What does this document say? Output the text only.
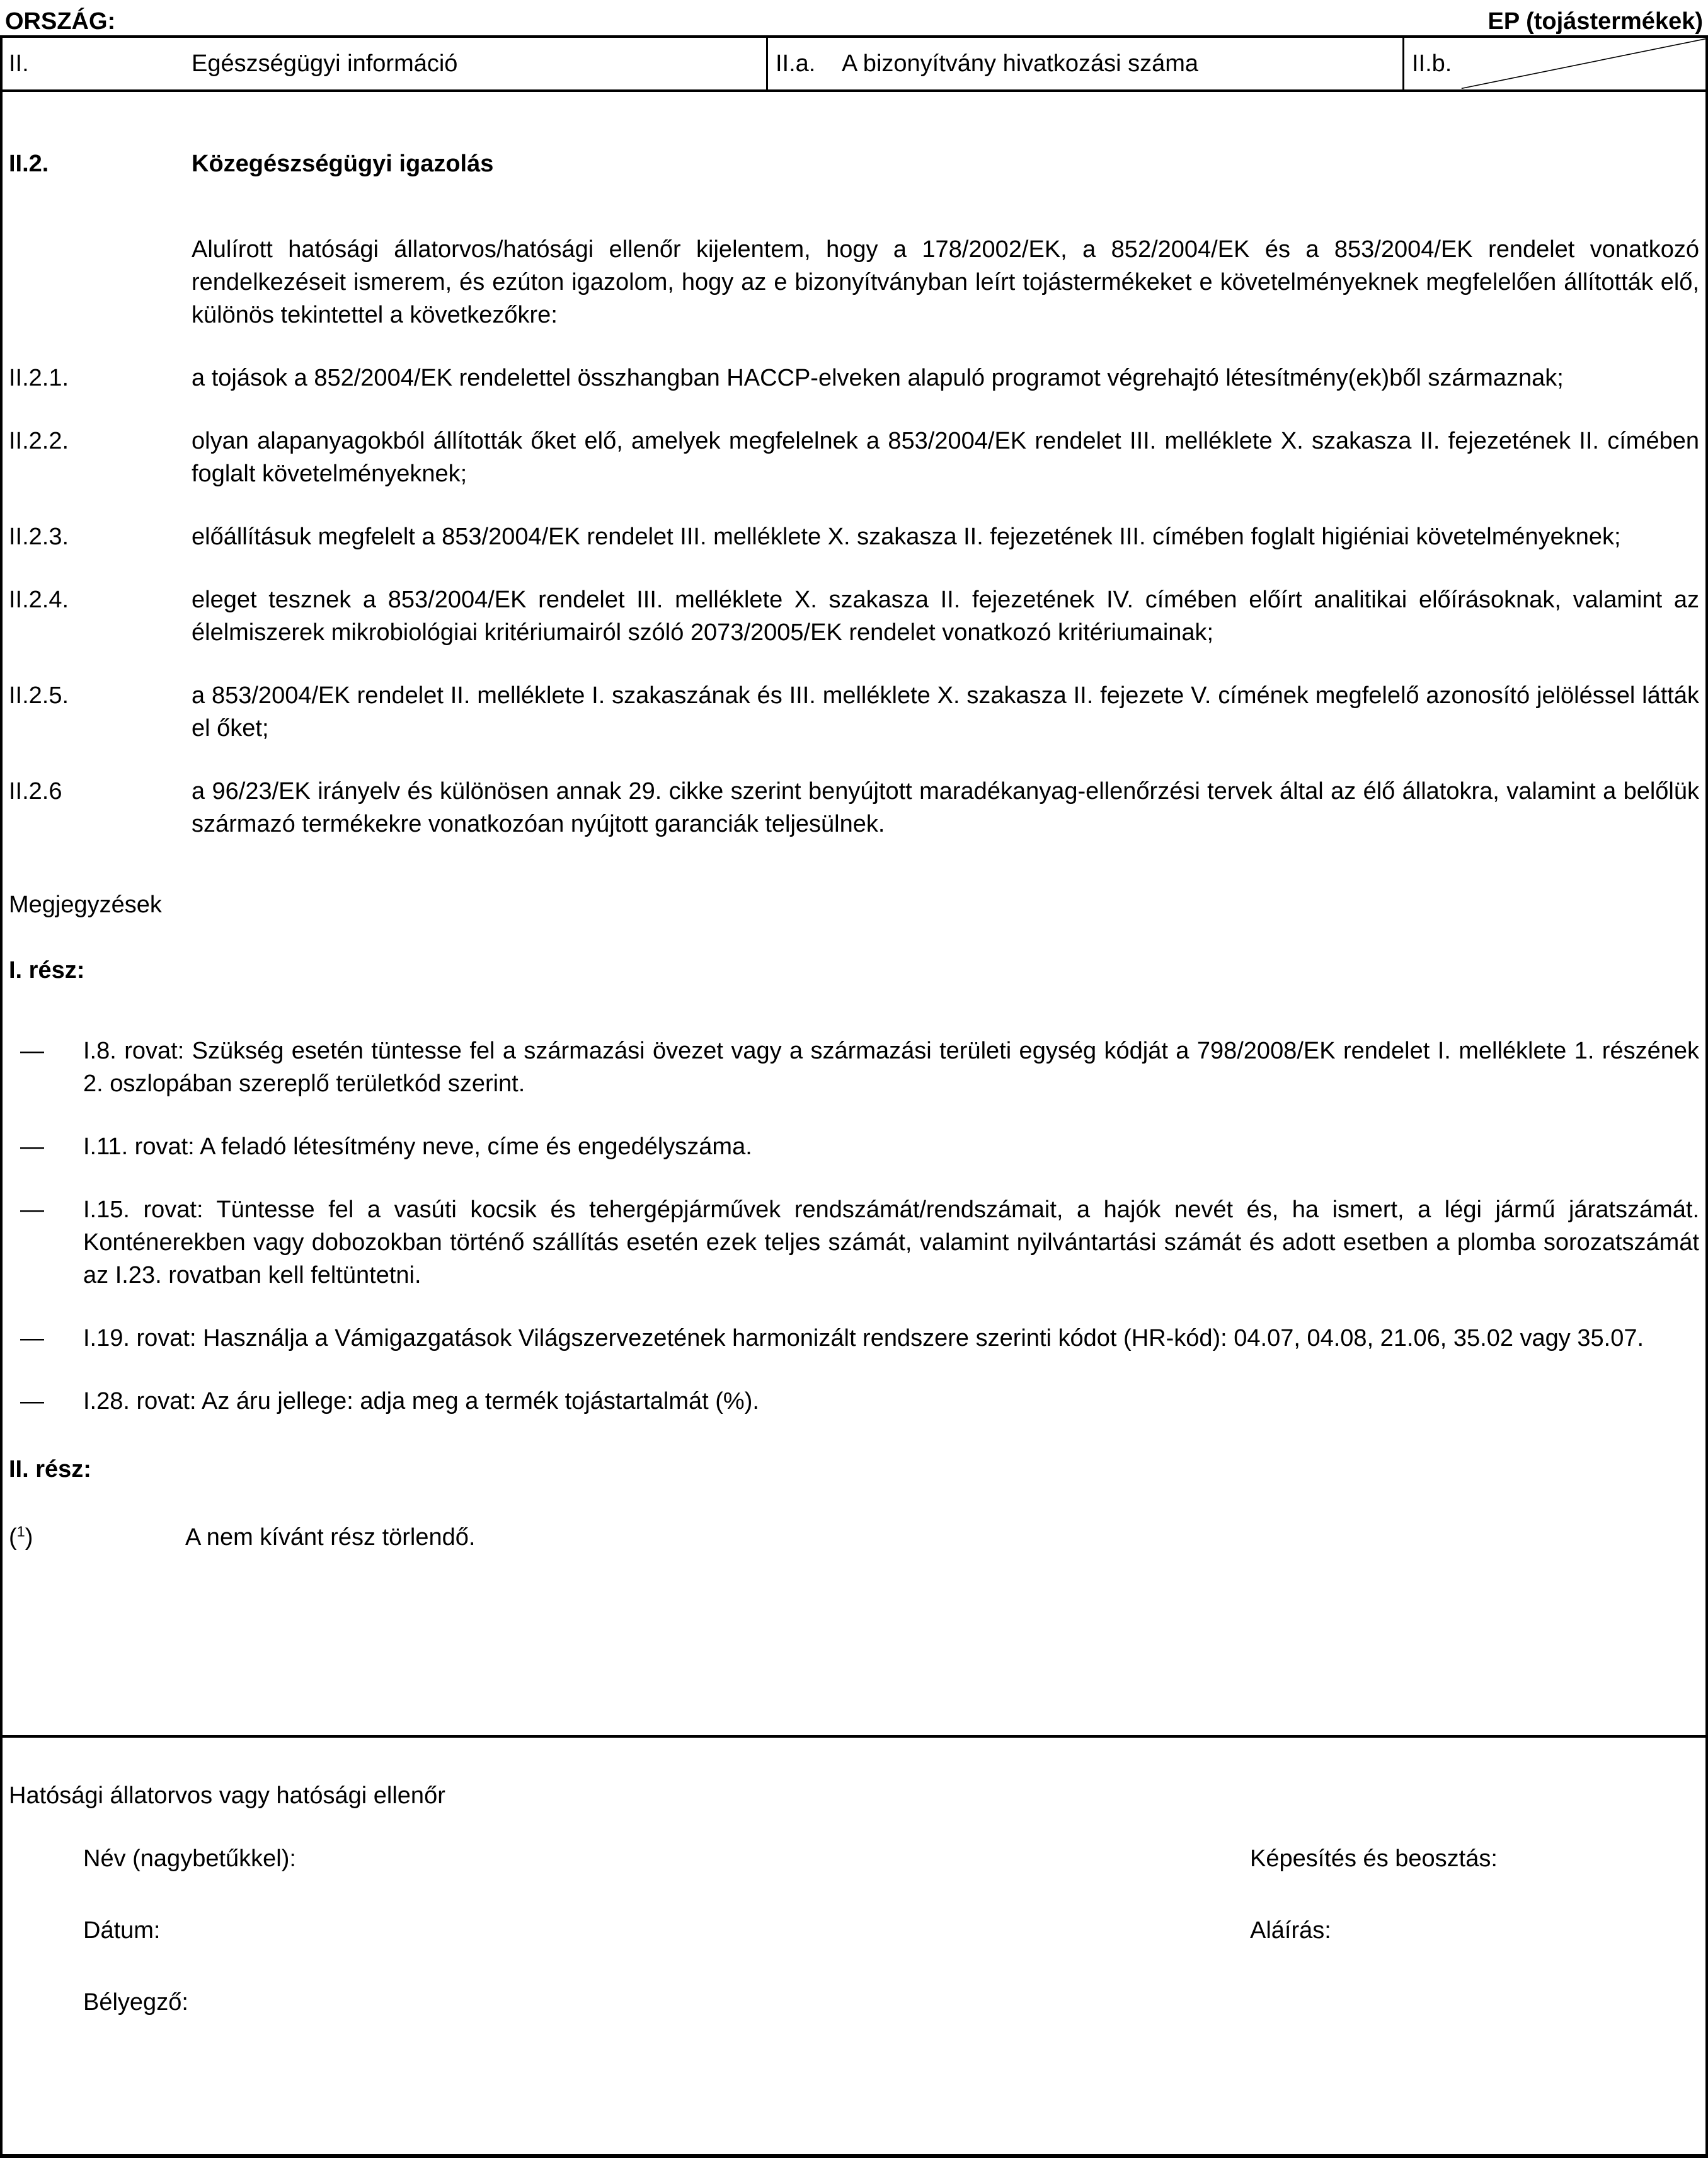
ORSZÁG:	EP (tojástermékek)
II.	Egészségügyi információ	II.a.	A bizonyítvány hivatkozási száma	II.b.
II.2.	Közegészségügyi igazolás
Alulírott hatósági állatorvos/hatósági ellenőr kijelentem, hogy a 178/2002/EK, a 852/2004/EK és a 853/2004/EK rendelet vonatkozó rendelkezéseit ismerem, és ezúton igazolom, hogy az e bizonyítványban leírt tojástermékeket e követelményeknek megfelelően állították elő, különös tekintettel a következőkre:
II.2.1.	a tojások a 852/2004/EK rendelettel összhangban HACCP-elveken alapuló programot végrehajtó létesítmény(ek)ből származnak;
II.2.2.	olyan alapanyagokból állították őket elő, amelyek megfelelnek a 853/2004/EK rendelet III. melléklete X. szakasza II. fejezetének II. címében foglalt követelményeknek;
II.2.3.	előállításuk megfelelt a 853/2004/EK rendelet III. melléklete X. szakasza II. fejezetének III. címében foglalt higiéniai követelményeknek;
II.2.4.	eleget tesznek a 853/2004/EK rendelet III. melléklete X. szakasza II. fejezetének IV. címében előírt analitikai előírásoknak, valamint az élelmiszerek mikrobiológiai kritériumairól szóló 2073/2005/EK rendelet vonatkozó kritériumainak;
II.2.5.	a 853/2004/EK rendelet II. melléklete I. szakaszának és III. melléklete X. szakasza II. fejezete V. címének megfelelő azonosító jelöléssel látták el őket;
II.2.6	a 96/23/EK irányelv és különösen annak 29. cikke szerint benyújtott maradékanyag-ellenőrzési tervek által az élő állatokra, valamint a belőlük származó termékekre vonatkozóan nyújtott garanciák teljesülnek.
Megjegyzések
I. rész:
—	I.8. rovat: Szükség esetén tüntesse fel a származási övezet vagy a származási területi egység kódját a 798/2008/EK rendelet I. melléklete 1. részének 2. oszlopában szereplő területkód szerint.
—	I.11. rovat: A feladó létesítmény neve, címe és engedélyszáma.
—	I.15. rovat: Tüntesse fel a vasúti kocsik és tehergépjárművek rendszámát/rendszámait, a hajók nevét és, ha ismert, a légi jármű járatszámát. Konténerekben vagy dobozokban történő szállítás esetén ezek teljes számát, valamint nyilvántartási számát és adott esetben a plomba sorozatszámát az I.23. rovatban kell feltüntetni.
—	I.19. rovat: Használja a Vámigazgatások Világszervezetének harmonizált rendszere szerinti kódot (HR-kód): 04.07, 04.08, 21.06, 35.02 vagy 35.07.
—	I.28. rovat: Az áru jellege: adja meg a termék tojástartalmát (%).
II. rész:
($^1$)	A nem kívánt rész törlendő.
Hatósági állatorvos vagy hatósági ellenőr
Név (nagybetűkkel):	Képesítés és beosztás:
Dátum:	Aláírás:
Bélyegző:
